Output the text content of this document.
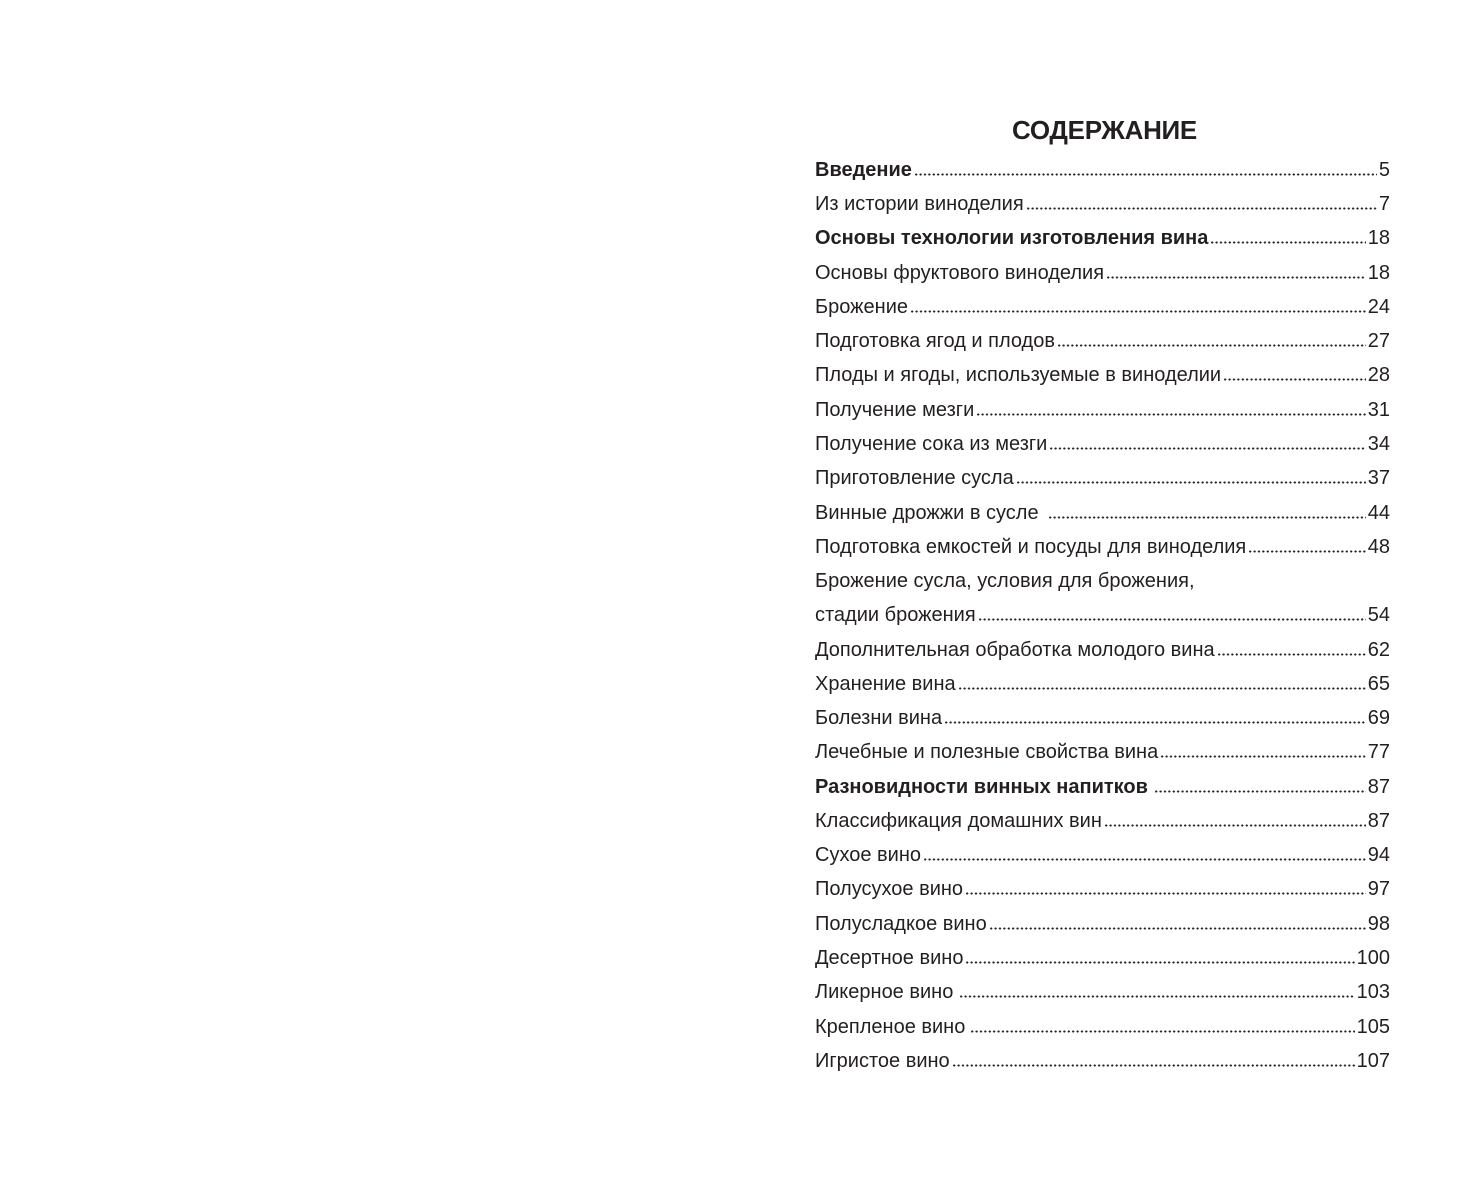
СОДЕРЖАНИЕ
Введение	5
Из истории виноделия	7
Основы технологии изготовления вина	18
Основы фруктового виноделия	18
Брожение	24
Подготовка ягод и плодов	27
Плоды и ягоды, используемые в виноделии	28
Получение мезги	31
Получение сока из мезги	34
Приготовление сусла	37
Винные дрожжи в сусле	44
Подготовка емкостей и посуды для виноделия	48
Брожение сусла, условия для брожения,
стадии брожения	54
Дополнительная обработка молодого вина	62
Хранение вина	65
Болезни вина	69
Лечебные и полезные свойства вина	77
Разновидности винных напитков	87
Классификация домашних вин	87
Сухое вино	94
Полусухое вино	97
Полусладкое вино	98
Десертное вино	100
Ликерное вино	103
Крепленое вино	105
Игристое вино	107
